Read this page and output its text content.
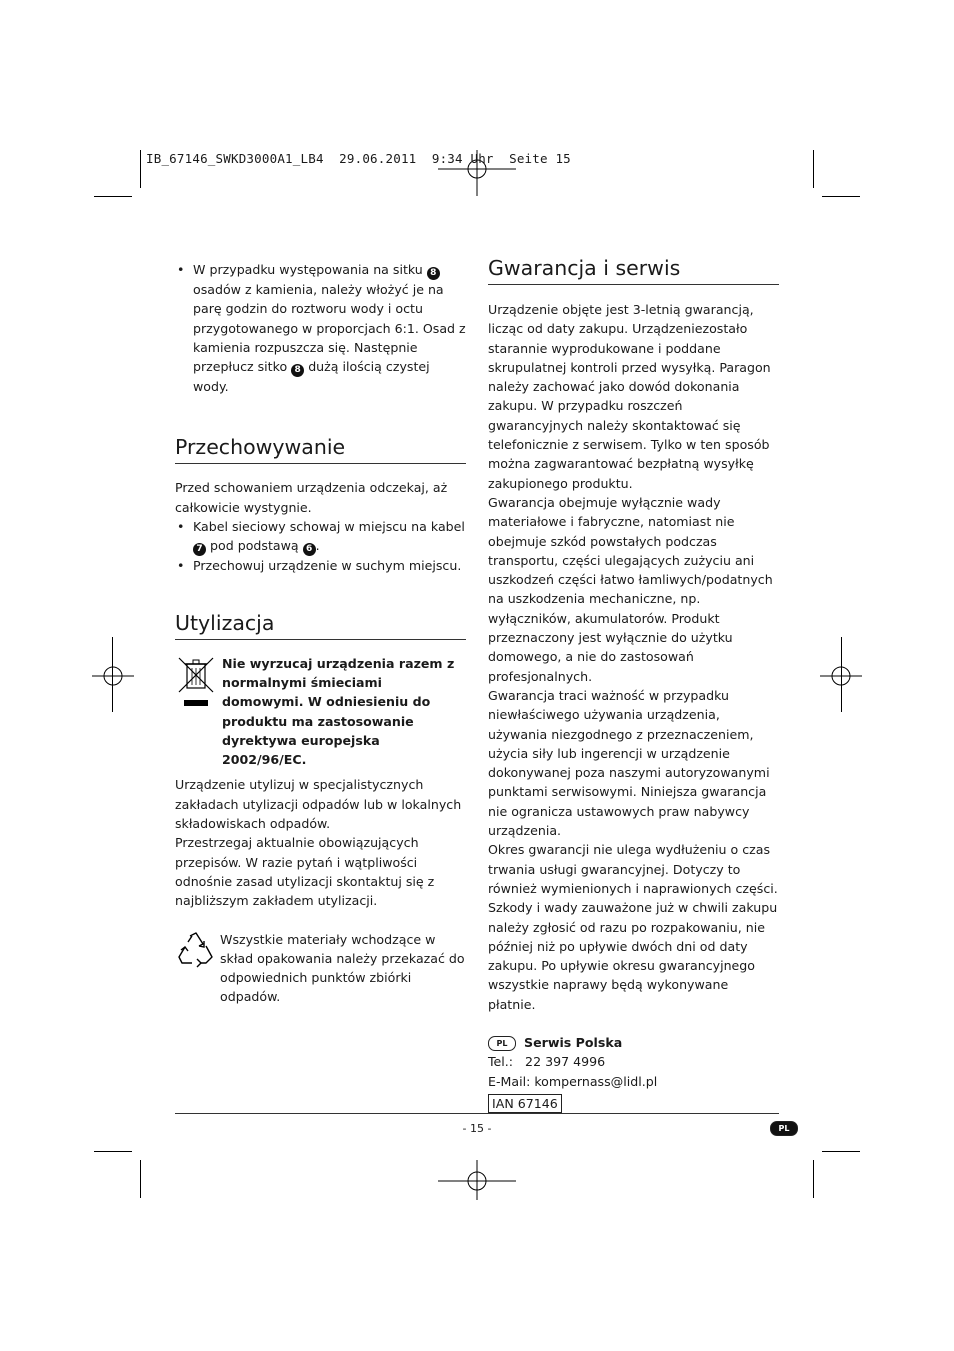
IB_67146_SWKD3000A1_LB4  29.06.2011  9:34 Uhr  Seite 15

• W przypadku występowania na sitku 8 osadów z kamienia, należy włożyć je na parę godzin do roztworu wody i octu przygotowanego w proporcjach 6:1. Osad z kamienia rozpuszcza się. Następnie przepłucz sitko 8 dużą ilością czystej wody.

Przechowywanie

Przed schowaniem urządzenia odczekaj, aż całkowicie wystygnie.

• Kabel sieciowy schowaj w miejscu na kabel 7 pod podstawą 6 .

• Przechowuj urządzenie w suchym miejscu.

Utylizacja

Nie wyrzucaj urządzenia razem z normalnymi śmieciami domowymi. W odniesieniu do produktu ma zastosowanie dyrektywa europejska 2002/96/EC.

Urządzenie utylizuj w specjalistycznych zakładach utylizacji odpadów lub w lokalnych składowiskach odpadów.

Przestrzegaj aktualnie obowiązujących przepisów. W razie pytań i wątpliwości odnośnie zasad utylizacji skontaktuj się z najbliższym zakładem utylizacji.

Wszystkie materiały wchodzące w skład opakowania należy przekazać do odpowiednich punktów zbiórki odpadów.

Gwarancja i serwis

Urządzenie objęte jest 3-letnią gwarancją, licząc od daty zakupu. Urządzeniezostało starannie wyprodukowane i poddane skrupulatnej kontroli przed wysyłką. Paragon należy zachować jako dowód dokonania zakupu. W przypadku roszczeń gwarancyjnych należy skontaktować się telefonicznie z serwisem. Tylko w ten sposób można zagwarantować bezpłatną wysyłkę zakupionego produktu.

Gwarancja obejmuje wyłącznie wady materiałowe i fabryczne, natomiast nie obejmuje szkód powstałych podczas transportu, części ulegających zużyciu ani uszkodzeń części łatwo łamliwych/podatnych na uszkodzenia mechaniczne, np. wyłączników, akumulatorów. Produkt przeznaczony jest wyłącznie do użytku domowego, a nie do zastosowań profesjonalnych.

Gwarancja traci ważność w przypadku niewłaściwego używania urządzenia, używania niezgodnego z przeznaczeniem, użycia siły lub ingerencji w urządzenie dokonywanej poza naszymi autoryzowanymi punktami serwisowymi. Niniejsza gwarancja nie ogranicza ustawowych praw nabywcy urządzenia.

Okres gwarancji nie ulega wydłużeniu o czas trwania usługi gwarancyjnej. Dotyczy to również wymienionych i naprawionych części. Szkody i wady zauważone już w chwili zakupu należy zgłosić od razu po rozpakowaniu, nie później niż po upływie dwóch dni od daty zakupu. Po upływie okresu gwarancyjnego wszystkie naprawy będą wykonywane płatnie.

PL Serwis Polska

Tel.:   22 397 4996

E-Mail: kompernass@lidl.pl

IAN 67146

- 15 -	PL
